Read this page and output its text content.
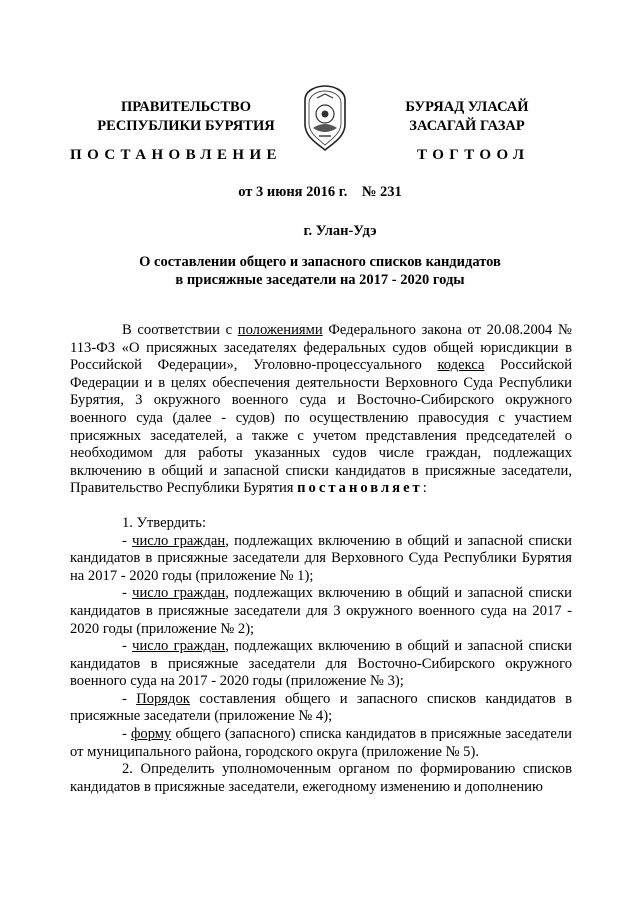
ПРАВИТЕЛЬСТВО
РЕСПУБЛИКИ БУРЯТИЯ
БУРЯАД УЛАСАЙ
ЗАСАГАЙ ГАЗАР
ПОСТАНОВЛЕНИЕ	ТОГТООЛ
от 3 июня 2016 г. № 231
г. Улан-Удэ
О составлении общего и запасного списков кандидатов
в присяжные заседатели на 2017 - 2020 годы

В соответствии с положениями Федерального закона от 20.08.2004 № 113-ФЗ «О присяжных заседателях федеральных судов общей юрисдикции в Российской Федерации», Уголовно-процессуального кодекса Российской Федерации и в целях обеспечения деятельности Верховного Суда Республики Бурятия, 3 окружного военного суда и Восточно-Сибирского окружного военного суда (далее - судов) по осуществлению правосудия с участием присяжных заседателей, а также с учетом представления председателей о необходимом для работы указанных судов числе граждан, подлежащих включению в общий и запасной списки кандидатов в присяжные заседатели, Правительство Республики Бурятия постановляет:

1. Утвердить:

- число граждан, подлежащих включению в общий и запасной списки кандидатов в присяжные заседатели для Верховного Суда Республики Бурятия на 2017 - 2020 годы (приложение № 1);

- число граждан, подлежащих включению в общий и запасной списки кандидатов в присяжные заседатели для 3 окружного военного суда на 2017 - 2020 годы (приложение № 2);

- число граждан, подлежащих включению в общий и запасной списки кандидатов в присяжные заседатели для Восточно-Сибирского окружного военного суда на 2017 - 2020 годы (приложение № 3);

- Порядок составления общего и запасного списков кандидатов в присяжные заседатели (приложение № 4);

- форму общего (запасного) списка кандидатов в присяжные заседатели от муниципального района, городского округа (приложение № 5).

2. Определить уполномоченным органом по формированию списков кандидатов в присяжные заседатели, ежегодному изменению и дополнению
